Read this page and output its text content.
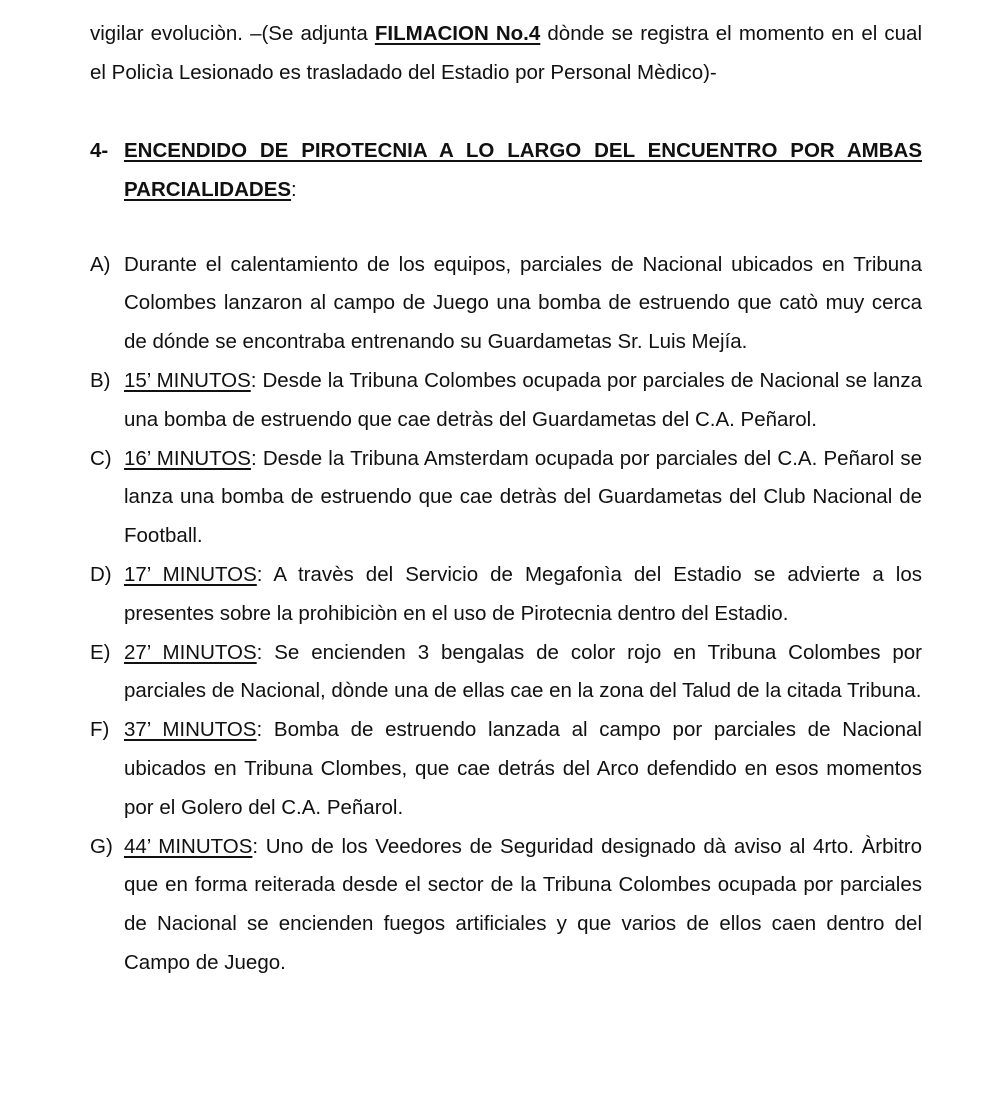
vigilar evoluciòn. –(Se adjunta FILMACION No.4 dònde se registra el momento en el cual el Policìa Lesionado es trasladado del Estadio por Personal Mèdico)-

4- ENCENDIDO DE PIROTECNIA A LO LARGO DEL ENCUENTRO POR AMBAS PARCIALIDADES:
A) Durante el calentamiento de los equipos, parciales de Nacional ubicados en Tribuna Colombes lanzaron al campo de Juego una bomba de estruendo que catò muy cerca de dónde se encontraba entrenando su Guardametas Sr. Luis Mejía.
B) 15’ MINUTOS: Desde la Tribuna Colombes ocupada por parciales de Nacional se lanza una bomba de estruendo que cae detràs del Guardametas del C.A. Peñarol.
C) 16’ MINUTOS: Desde la Tribuna Amsterdam ocupada por parciales del C.A. Peñarol se lanza una bomba de estruendo que cae detràs del Guardametas del Club Nacional de Football.
D) 17’ MINUTOS: A travès del Servicio de Megafonìa del Estadio se advierte a los presentes sobre la prohibiciòn en el uso de Pirotecnia dentro del Estadio.
E) 27’ MINUTOS: Se encienden 3 bengalas de color rojo en Tribuna Colombes por parciales de Nacional, dònde una de ellas cae en la zona del Talud de la citada Tribuna.
F) 37’ MINUTOS: Bomba de estruendo lanzada al campo por parciales de Nacional ubicados en Tribuna Clombes, que cae detrás del Arco defendido en esos momentos por el Golero del C.A. Peñarol.
G) 44’ MINUTOS: Uno de los Veedores de Seguridad designado dà aviso al 4rto. Àrbitro que en forma reiterada desde el sector de la Tribuna Colombes ocupada por parciales de Nacional se encienden fuegos artificiales y que varios de ellos caen dentro del Campo de Juego.
